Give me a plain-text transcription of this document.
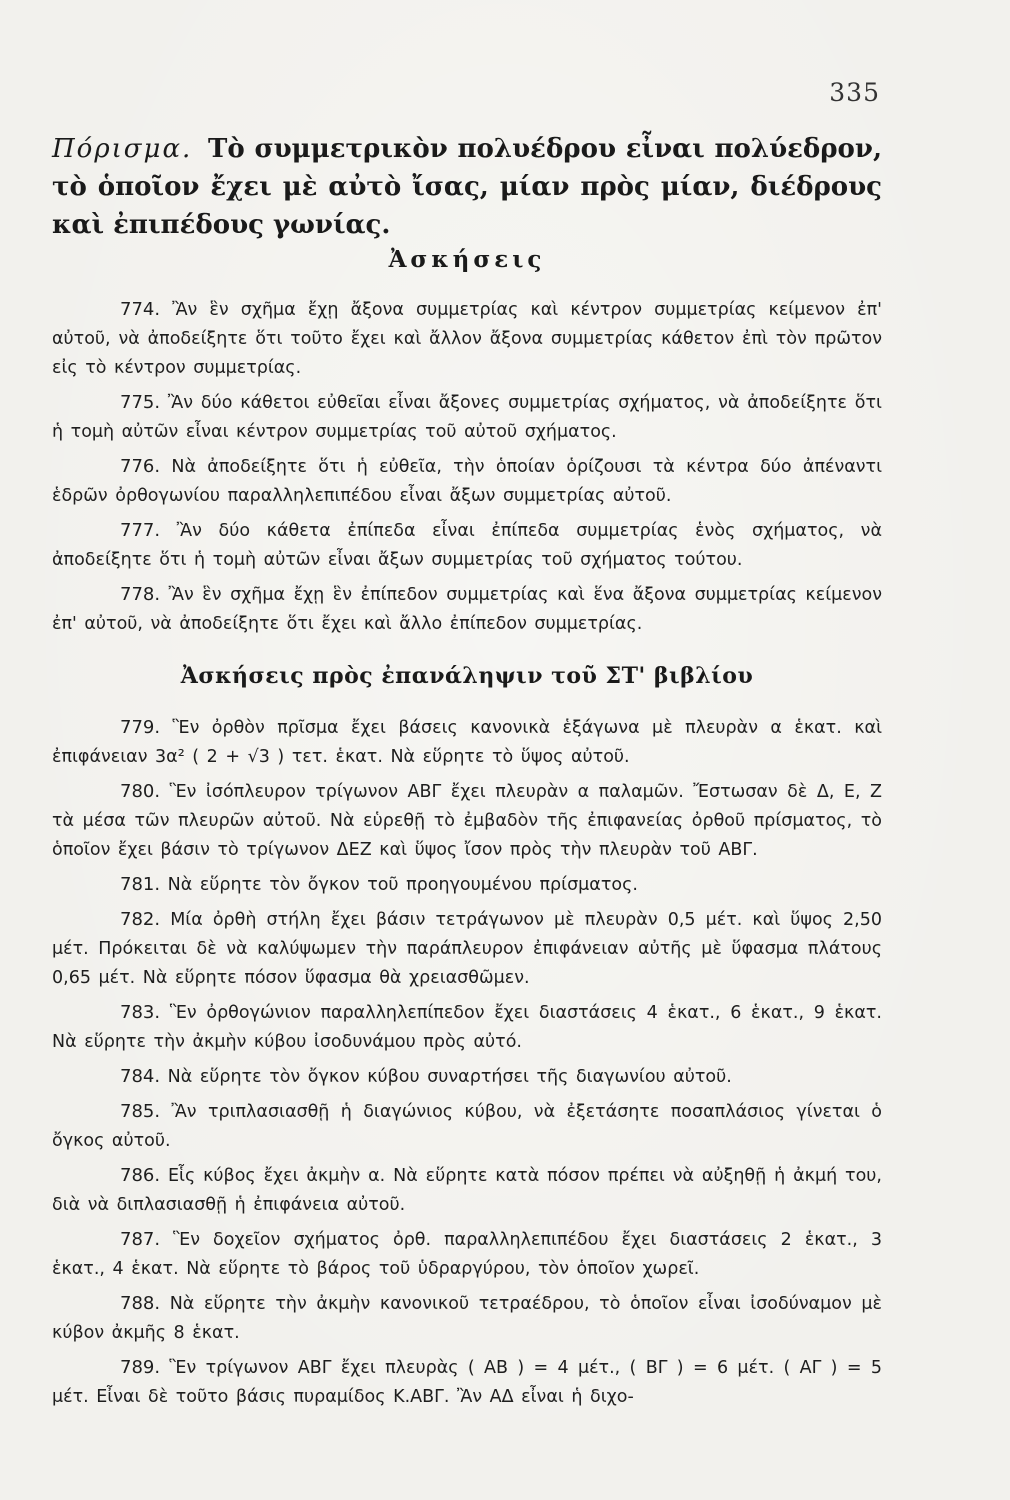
335

Πόρισμα. Τὸ συμμετρικὸν πολυέδρου εἶναι πολύεδρον, τὸ ὁποῖον ἔχει μὲ αὐτὸ ἴσας, μίαν πρὸς μίαν, διέδρους καὶ ἐπιπέδους γωνίας.

Ἀσκήσεις

774. Ἂν ἓν σχῆμα ἔχῃ ἄξονα συμμετρίας καὶ κέντρον συμμετρίας κείμενον ἐπ' αὐτοῦ, νὰ ἀποδείξητε ὅτι τοῦτο ἔχει καὶ ἄλλον ἄξονα συμμετρίας κάθετον ἐπὶ τὸν πρῶτον εἰς τὸ κέντρον συμμετρίας.

775. Ἂν δύο κάθετοι εὐθεῖαι εἶναι ἄξονες συμμετρίας σχήματος, νὰ ἀποδείξητε ὅτι ἡ τομὴ αὐτῶν εἶναι κέντρον συμμετρίας τοῦ αὐτοῦ σχήματος.

776. Νὰ ἀποδείξητε ὅτι ἡ εὐθεῖα, τὴν ὁποίαν ὁρίζουσι τὰ κέντρα δύο ἀπέναντι ἑδρῶν ὀρθογωνίου παραλληλεπιπέδου εἶναι ἄξων συμμετρίας αὐτοῦ.

777. Ἂν δύο κάθετα ἐπίπεδα εἶναι ἐπίπεδα συμμετρίας ἑνὸς σχήματος, νὰ ἀποδείξητε ὅτι ἡ τομὴ αὐτῶν εἶναι ἄξων συμμετρίας τοῦ σχήματος τούτου.

778. Ἂν ἓν σχῆμα ἔχῃ ἓν ἐπίπεδον συμμετρίας καὶ ἕνα ἄξονα συμμετρίας κείμενον ἐπ' αὐτοῦ, νὰ ἀποδείξητε ὅτι ἔχει καὶ ἄλλο ἐπίπεδον συμμετρίας.

Ἀσκήσεις πρὸς ἐπανάληψιν τοῦ ΣΤ' βιβλίου

779. Ἓν ὀρθὸν πρῖσμα ἔχει βάσεις κανονικὰ ἑξάγωνα μὲ πλευρὰν α ἑκατ. καὶ ἐπιφάνειαν 3α² ( 2 + √3 ) τετ. ἑκατ. Νὰ εὕρητε τὸ ὕψος αὐτοῦ.

780. Ἓν ἰσόπλευρον τρίγωνον ΑΒΓ ἔχει πλευρὰν α παλαμῶν. Ἔστωσαν δὲ Δ, Ε, Ζ τὰ μέσα τῶν πλευρῶν αὐτοῦ. Νὰ εὑρεθῇ τὸ ἐμβαδὸν τῆς ἐπιφανείας ὀρθοῦ πρίσματος, τὸ ὁποῖον ἔχει βάσιν τὸ τρίγωνον ΔΕΖ καὶ ὕψος ἴσον πρὸς τὴν πλευρὰν τοῦ ΑΒΓ.

781. Νὰ εὕρητε τὸν ὄγκον τοῦ προηγουμένου πρίσματος.

782. Μία ὀρθὴ στήλη ἔχει βάσιν τετράγωνον μὲ πλευρὰν 0,5 μέτ. καὶ ὕψος 2,50 μέτ. Πρόκειται δὲ νὰ καλύψωμεν τὴν παράπλευρον ἐπιφάνειαν αὐτῆς μὲ ὕφασμα πλάτους 0,65 μέτ. Νὰ εὕρητε πόσον ὕφασμα θὰ χρειασθῶμεν.

783. Ἓν ὀρθογώνιον παραλληλεπίπεδον ἔχει διαστάσεις 4 ἑκατ., 6 ἑκατ., 9 ἑκατ. Νὰ εὕρητε τὴν ἀκμὴν κύβου ἰσοδυνάμου πρὸς αὐτό.

784. Νὰ εὕρητε τὸν ὄγκον κύβου συναρτήσει τῆς διαγωνίου αὐτοῦ.

785. Ἂν τριπλασιασθῇ ἡ διαγώνιος κύβου, νὰ ἐξετάσητε ποσαπλάσιος γίνεται ὁ ὄγκος αὐτοῦ.

786. Εἷς κύβος ἔχει ἀκμὴν α. Νὰ εὕρητε κατὰ πόσον πρέπει νὰ αὐξηθῇ ἡ ἀκμή του, διὰ νὰ διπλασιασθῇ ἡ ἐπιφάνεια αὐτοῦ.

787. Ἓν δοχεῖον σχήματος ὀρθ. παραλληλεπιπέδου ἔχει διαστάσεις 2 ἑκατ., 3 ἑκατ., 4 ἑκατ. Νὰ εὕρητε τὸ βάρος τοῦ ὑδραργύρου, τὸν ὁποῖον χωρεῖ.

788. Νὰ εὕρητε τὴν ἀκμὴν κανονικοῦ τετραέδρου, τὸ ὁποῖον εἶναι ἰσοδύναμον μὲ κύβον ἀκμῆς 8 ἑκατ.

789. Ἓν τρίγωνον ΑΒΓ ἔχει πλευρὰς ( ΑΒ ) = 4 μέτ., ( ΒΓ ) = 6 μέτ. ( ΑΓ ) = 5 μέτ. Εἶναι δὲ τοῦτο βάσις πυραμίδος Κ.ΑΒΓ. Ἂν ΑΔ εἶναι ἡ διχο-
